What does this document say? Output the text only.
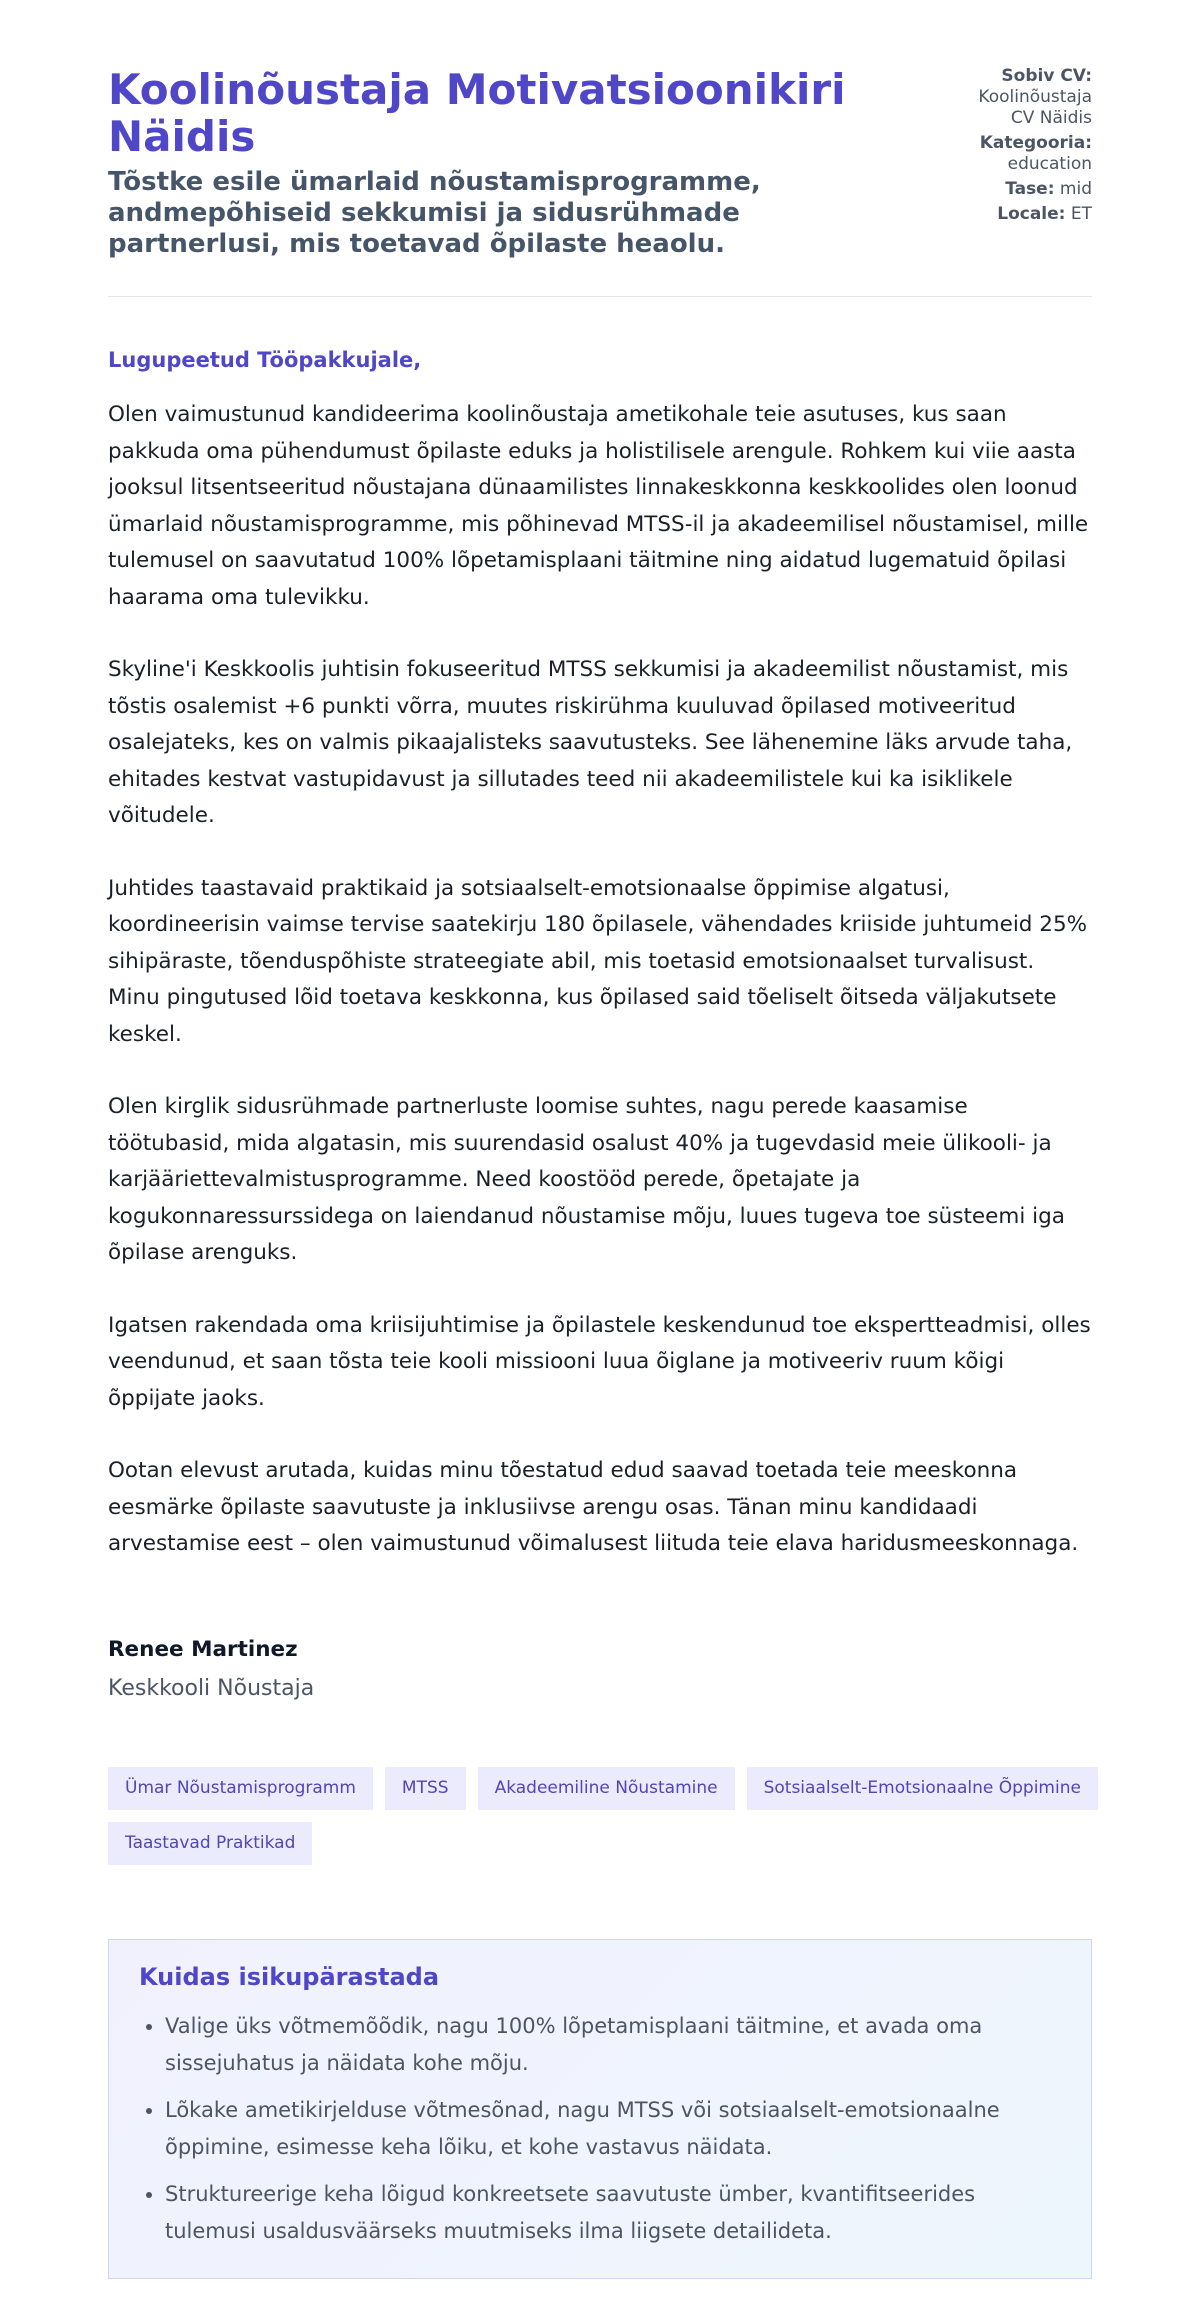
Koolinõustaja Motivatsioonikiri Näidis
Tõstke esile ümarlaid nõustamisprogramme, andmepõhiseid sekkumisi ja sidusrühmade partnerlusi, mis toetavad õpilaste heaolu.
Sobiv CV:
Koolinõustaja
CV Näidis
Kategooria:
education
Tase: mid
Locale: ET
Lugupeetud Tööpakkujale,

Olen vaimustunud kandideerima koolinõustaja ametikohale teie asutuses, kus saan pakkuda oma pühendumust õpilaste eduks ja holistilisele arengule. Rohkem kui viie aasta jooksul litsentseeritud nõustajana dünaamilistes linnakeskkonna keskkoolides olen loonud ümarlaid nõustamisprogramme, mis põhinevad MTSS-il ja akadeemilisel nõustamisel, mille tulemusel on saavutatud 100% lõpetamisplaani täitmine ning aidatud lugematuid õpilasi haarama oma tulevikku.

Skyline'i Keskkoolis juhtisin fokuseeritud MTSS sekkumisi ja akadeemilist nõustamist, mis tõstis osalemist +6 punkti võrra, muutes riskirühma kuuluvad õpilased motiveeritud osalejateks, kes on valmis pikaajalisteks saavutusteks. See lähenemine läks arvude taha, ehitades kestvat vastupidavust ja sillutades teed nii akadeemilistele kui ka isiklikele võitudele.

Juhtides taastavaid praktikaid ja sotsiaalselt-emotsionaalse õppimise algatusi, koordineerisin vaimse tervise saatekirju 180 õpilasele, vähendades kriiside juhtumeid 25% sihipäraste, tõenduspõhiste strateegiate abil, mis toetasid emotsionaalset turvalisust. Minu pingutused lõid toetava keskkonna, kus õpilased said tõeliselt õitseda väljakutsete keskel.

Olen kirglik sidusrühmade partnerluste loomise suhtes, nagu perede kaasamise töötubasid, mida algatasin, mis suurendasid osalust 40% ja tugevdasid meie ülikooli- ja karjääriettevalmistusprogramme. Need koostööd perede, õpetajate ja kogukonnaressurssidega on laiendanud nõustamise mõju, luues tugeva toe süsteemi iga õpilase arenguks.

Igatsen rakendada oma kriisijuhtimise ja õpilastele keskendunud toe ekspertteadmisi, olles veendunud, et saan tõsta teie kooli missiooni luua õiglane ja motiveeriv ruum kõigi õppijate jaoks.

Ootan elevust arutada, kuidas minu tõestatud edud saavad toetada teie meeskonna eesmärke õpilaste saavutuste ja inklusiivse arengu osas. Tänan minu kandidaadi arvestamise eest – olen vaimustunud võimalusest liituda teie elava haridusmeeskonnaga.

Renee Martinez
Keskkooli Nõustaja
Ümar Nõustamisprogramm	MTSS	Akadeemiline Nõustamine	Sotsiaalselt-Emotsionaalne Õppimine
Taastavad Praktikad
Kuidas isikupärastada
• Valige üks võtmemõõdik, nagu 100% lõpetamisplaani täitmine, et avada oma sissejuhatus ja näidata kohe mõju.
• Lõkake ametikirjelduse võtmesõnad, nagu MTSS või sotsiaalselt-emotsionaalne õppimine, esimesse keha lõiku, et kohe vastavus näidata.
• Struktureerige keha lõigud konkreetsete saavutuste ümber, kvantifitseerides tulemusi usaldusväärseks muutmiseks ilma liigsete detailideta.
